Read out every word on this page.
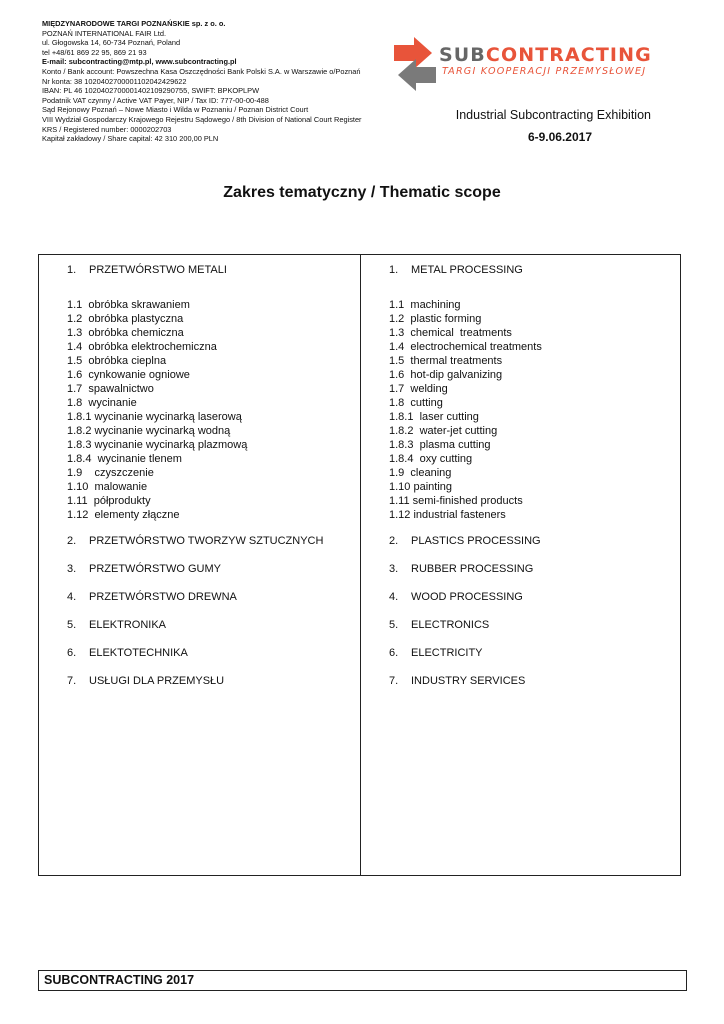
MIĘDZYNARODOWE TARGI POZNAŃSKIE sp. z o. o.
POZNAŃ INTERNATIONAL FAIR Ltd.
ul. Głogowska 14, 60-734 Poznań, Poland
tel +48/61 869 22 95, 869 21 93
E-mail: subcontracting@mtp.pl, www.subcontracting.pl
Konto / Bank account: Powszechna Kasa Oszczędności Bank Polski S.A. w Warszawie o/Poznań
Nr konta: 38 1020402700001102042429622
IBAN: PL 46 1020402700001402109290755, SWIFT: BPKOPLPW
Podatnik VAT czynny / Active VAT Payer, NIP / Tax ID: 777-00-00-488
Sąd Rejonowy Poznań – Nowe Miasto i Wilda w Poznaniu / Poznan District Court
VIII Wydział Gospodarczy Krajowego Rejestru Sądowego / 8th Division of National Court Register
KRS / Registered number: 0000202703
Kapitał zakładowy / Share capital: 42 310 200,00 PLN
SUBCONTRACTING
TARGI KOOPERACJI PRZEMYSŁOWEJ
Industrial Subcontracting Exhibition
6-9.06.2017
Zakres tematyczny / Thematic scope
1. PRZETWÓRSTWO METALI
1.1  obróbka skrawaniem
1.2  obróbka plastyczna
1.3  obróbka chemiczna
1.4  obróbka elektrochemiczna
1.5  obróbka cieplna
1.6  cynkowanie ogniowe
1.7  spawalnictwo
1.8  wycinanie
1.8.1 wycinanie wycinarką laserową
1.8.2 wycinanie wycinarką wodną
1.8.3 wycinanie wycinarką plazmową
1.8.4  wycinanie tlenem
1.9    czyszczenie
1.10  malowanie
1.11  półprodukty
1.12  elementy złączne
2. PRZETWÓRSTWO TWORZYW SZTUCZNYCH
3. PRZETWÓRSTWO GUMY
4. PRZETWÓRSTWO DREWNA
5. ELEKTRONIKA
6. ELEKTOTECHNIKA
7. USŁUGI DLA PRZEMYSŁU
1. METAL PROCESSING
1.1  machining
1.2  plastic forming
1.3  chemical  treatments
1.4  electrochemical treatments
1.5  thermal treatments
1.6  hot-dip galvanizing
1.7  welding
1.8  cutting
1.8.1  laser cutting
1.8.2  water-jet cutting
1.8.3  plasma cutting
1.8.4  oxy cutting
1.9  cleaning
1.10 painting
1.11 semi-finished products
1.12 industrial fasteners
2. PLASTICS PROCESSING
3. RUBBER PROCESSING
4. WOOD PROCESSING
5. ELECTRONICS
6. ELECTRICITY
7. INDUSTRY SERVICES
SUBCONTRACTING 2017
